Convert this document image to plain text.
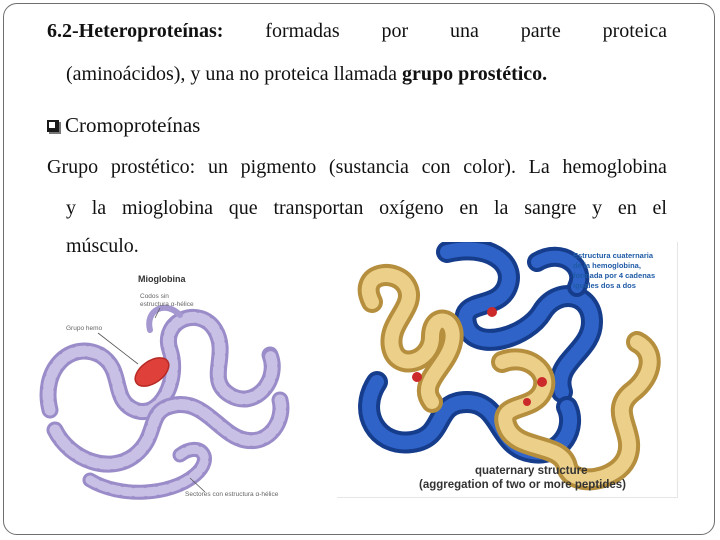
6.2-Heteroproteínas: formadas por una parte proteica
(aminoácidos), y una no proteica llamada grupo prostético.
Cromoproteínas
Grupo prostético: un pigmento (sustancia con color). La hemoglobina
y la mioglobina que transportan oxígeno en la sangre y en el
músculo.
Mioglobina
Codos sin
estructura α-hélice
Grupo hemo
Sectores con estructura α-hélice
Estructura cuaternaria
de la hemoglobina,
formada por 4 cadenas
iguales dos a dos
quaternary structure
(aggregation of two or more peptides)
